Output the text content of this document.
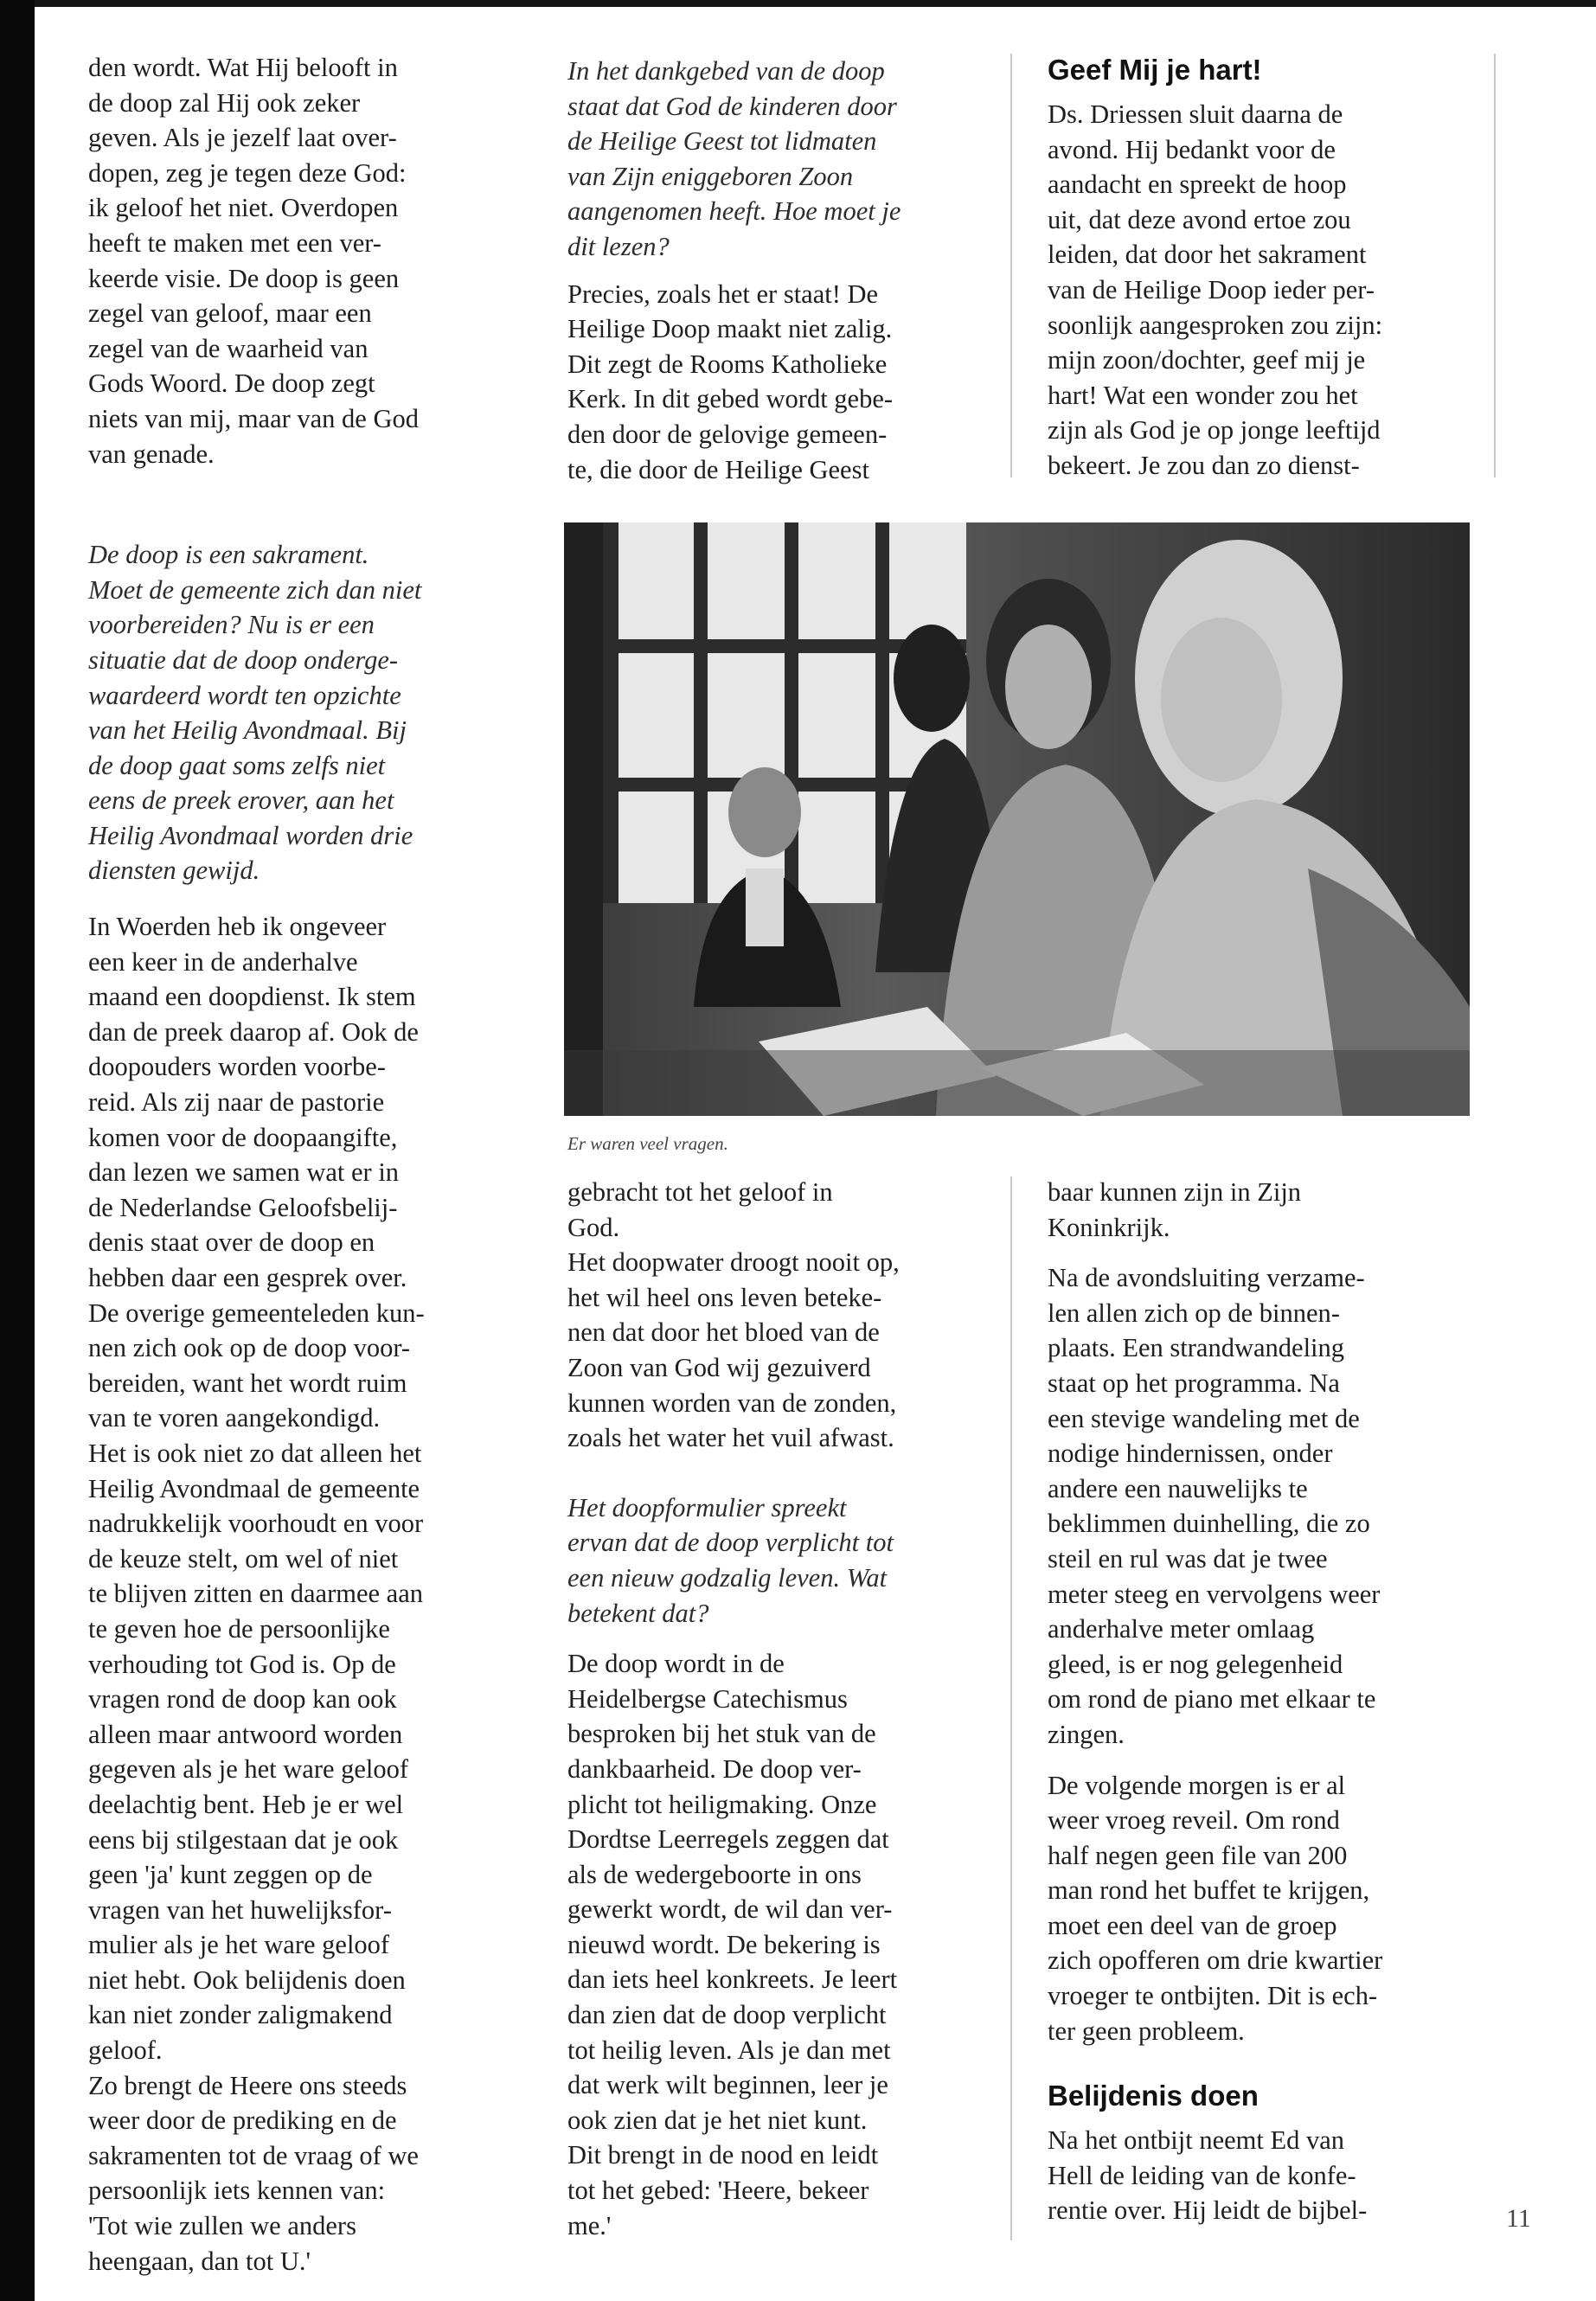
den wordt. Wat Hij belooft in
de doop zal Hij ook zeker
geven. Als je jezelf laat over-
dopen, zeg je tegen deze God:
ik geloof het niet. Overdopen
heeft te maken met een ver-
keerde visie. De doop is geen
zegel van geloof, maar een
zegel van de waarheid van
Gods Woord. De doop zegt
niets van mij, maar van de God
van genade.
De doop is een sakrament.
Moet de gemeente zich dan niet
voorbereiden? Nu is er een
situatie dat de doop onderge-
waardeerd wordt ten opzichte
van het Heilig Avondmaal. Bij
de doop gaat soms zelfs niet
eens de preek erover, aan het
Heilig Avondmaal worden drie
diensten gewijd.
In Woerden heb ik ongeveer
een keer in de anderhalve
maand een doopdienst. Ik stem
dan de preek daarop af. Ook de
doopouders worden voorbe-
reid. Als zij naar de pastorie
komen voor de doopaangifte,
dan lezen we samen wat er in
de Nederlandse Geloofsbelij-
denis staat over de doop en
hebben daar een gesprek over.
De overige gemeenteleden kun-
nen zich ook op de doop voor-
bereiden, want het wordt ruim
van te voren aangekondigd.
Het is ook niet zo dat alleen het
Heilig Avondmaal de gemeente
nadrukkelijk voorhoudt en voor
de keuze stelt, om wel of niet
te blijven zitten en daarmee aan
te geven hoe de persoonlijke
verhouding tot God is. Op de
vragen rond de doop kan ook
alleen maar antwoord worden
gegeven als je het ware geloof
deelachtig bent. Heb je er wel
eens bij stilgestaan dat je ook
geen 'ja' kunt zeggen op de
vragen van het huwelijksfor-
mulier als je het ware geloof
niet hebt. Ook belijdenis doen
kan niet zonder zaligmakend
geloof.
Zo brengt de Heere ons steeds
weer door de prediking en de
sakramenten tot de vraag of we
persoonlijk iets kennen van:
'Tot wie zullen we anders
heengaan, dan tot U.'
In het dankgebed van de doop
staat dat God de kinderen door
de Heilige Geest tot lidmaten
van Zijn eniggeboren Zoon
aangenomen heeft. Hoe moet je
dit lezen?
Precies, zoals het er staat! De
Heilige Doop maakt niet zalig.
Dit zegt de Rooms Katholieke
Kerk. In dit gebed wordt gebe-
den door de gelovige gemeen-
te, die door de Heilige Geest
Geef Mij je hart!
Ds. Driessen sluit daarna de
avond. Hij bedankt voor de
aandacht en spreekt de hoop
uit, dat deze avond ertoe zou
leiden, dat door het sakrament
van de Heilige Doop ieder per-
soonlijk aangesproken zou zijn:
mijn zoon/dochter, geef mij je
hart! Wat een wonder zou het
zijn als God je op jonge leeftijd
bekeert. Je zou dan zo dienst-
Er waren veel vragen.
gebracht tot het geloof in
God.
Het doopwater droogt nooit op,
het wil heel ons leven beteke-
nen dat door het bloed van de
Zoon van God wij gezuiverd
kunnen worden van de zonden,
zoals het water het vuil afwast.
Het doopformulier spreekt
ervan dat de doop verplicht tot
een nieuw godzalig leven. Wat
betekent dat?
De doop wordt in de
Heidelbergse Catechismus
besproken bij het stuk van de
dankbaarheid. De doop ver-
plicht tot heiligmaking. Onze
Dordtse Leerregels zeggen dat
als de wedergeboorte in ons
gewerkt wordt, de wil dan ver-
nieuwd wordt. De bekering is
dan iets heel konkreets. Je leert
dan zien dat de doop verplicht
tot heilig leven. Als je dan met
dat werk wilt beginnen, leer je
ook zien dat je het niet kunt.
Dit brengt in de nood en leidt
tot het gebed: 'Heere, bekeer
me.'
baar kunnen zijn in Zijn
Koninkrijk.
Na de avondsluiting verzame-
len allen zich op de binnen-
plaats. Een strandwandeling
staat op het programma. Na
een stevige wandeling met de
nodige hindernissen, onder
andere een nauwelijks te
beklimmen duinhelling, die zo
steil en rul was dat je twee
meter steeg en vervolgens weer
anderhalve meter omlaag
gleed, is er nog gelegenheid
om rond de piano met elkaar te
zingen.
De volgende morgen is er al
weer vroeg reveil. Om rond
half negen geen file van 200
man rond het buffet te krijgen,
moet een deel van de groep
zich opofferen om drie kwartier
vroeger te ontbijten. Dit is ech-
ter geen probleem.
Belijdenis doen
Na het ontbijt neemt Ed van
Hell de leiding van de konfe-
rentie over. Hij leidt de bijbel-	11
